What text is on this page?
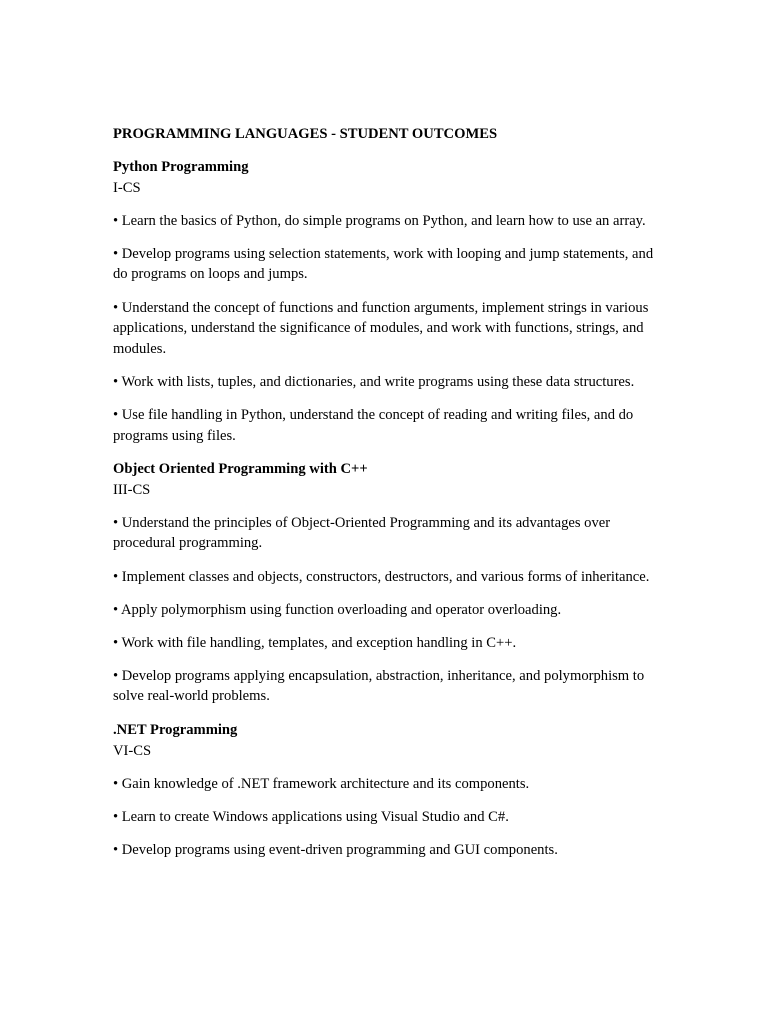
PROGRAMMING LANGUAGES - STUDENT OUTCOMES

Python Programming

I-CS

• Learn the basics of Python, do simple programs on Python, and learn how to use an array.

• Develop programs using selection statements, work with looping and jump statements, and do programs on loops and jumps.

• Understand the concept of functions and function arguments, implement strings in various applications, understand the significance of modules, and work with functions, strings, and modules.

• Work with lists, tuples, and dictionaries, and write programs using these data structures.

• Use file handling in Python, understand the concept of reading and writing files, and do programs using files.

Object Oriented Programming with C++

III-CS

• Understand the principles of Object-Oriented Programming and its advantages over procedural programming.

• Implement classes and objects, constructors, destructors, and various forms of inheritance.

• Apply polymorphism using function overloading and operator overloading.

• Work with file handling, templates, and exception handling in C++.

• Develop programs applying encapsulation, abstraction, inheritance, and polymorphism to solve real-world problems.

.NET Programming

VI-CS

• Gain knowledge of .NET framework architecture and its components.

• Learn to create Windows applications using Visual Studio and C#.

• Develop programs using event-driven programming and GUI components.
